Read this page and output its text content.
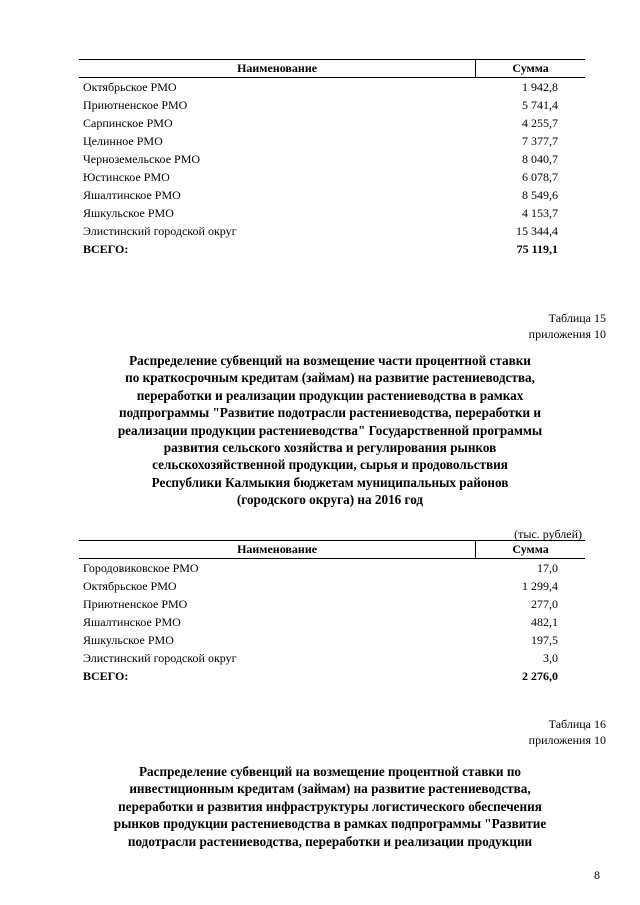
Наименование	Сумма
Октябрьское РМО	1 942,8
Приютненское РМО	5 741,4
Сарпинское РМО	4 255,7
Целинное РМО	7 377,7
Черноземельское РМО	8 040,7
Юстинское РМО	6 078,7
Яшалтинское РМО	8 549,6
Яшкульское РМО	4 153,7
Элистинский городской округ	15 344,4
ВСЕГО:	75 119,1
Таблица 15
приложения 10
Распределение субвенций на возмещение части процентной ставки
по краткосрочным кредитам (займам) на развитие растениеводства,
переработки и реализации продукции растениеводства в рамках
подпрограммы "Развитие подотрасли растениеводства, переработки и
реализации продукции растениеводства" Государственной программы
развития сельского хозяйства и регулирования рынков
сельскохозяйственной продукции, сырья и продовольствия
Республики Калмыкия бюджетам муниципальных районов
(городского округа) на 2016 год
(тыс. рублей)
Наименование	Сумма
Городовиковское РМО	17,0
Октябрьское РМО	1 299,4
Приютненское РМО	277,0
Яшалтинское РМО	482,1
Яшкульское РМО	197,5
Элистинский городской округ	3,0
ВСЕГО:	2 276,0
Таблица 16
приложения 10
Распределение субвенций на возмещение процентной ставки по
инвестиционным кредитам (займам) на развитие растениеводства,
переработки и развития инфраструктуры логистического обеспечения
рынков продукции растениеводства в рамках подпрограммы "Развитие
подотрасли растениеводства, переработки и реализации продукции
8
